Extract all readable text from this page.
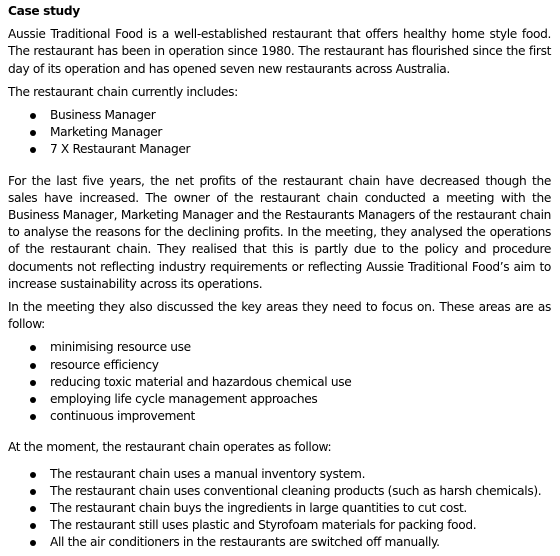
Case study

Aussie Traditional Food is a well-established restaurant that offers healthy home style food. The restaurant has been in operation since 1980. The restaurant has flourished since the first day of its operation and has opened seven new restaurants across Australia.

The restaurant chain currently includes:

Business Manager
Marketing Manager
7 X Restaurant Manager

For the last five years, the net profits of the restaurant chain have decreased though the sales have increased. The owner of the restaurant chain conducted a meeting with the Business Manager, Marketing Manager and the Restaurants Managers of the restaurant chain to analyse the reasons for the declining profits. In the meeting, they analysed the operations of the restaurant chain. They realised that this is partly due to the policy and procedure documents not reflecting industry requirements or reflecting Aussie Traditional Food’s aim to increase sustainability across its operations.

In the meeting they also discussed the key areas they need to focus on. These areas are as follow:

minimising resource use
resource efficiency
reducing toxic material and hazardous chemical use
employing life cycle management approaches
continuous improvement

At the moment, the restaurant chain operates as follow:

The restaurant chain uses a manual inventory system.
The restaurant chain uses conventional cleaning products (such as harsh chemicals).
The restaurant chain buys the ingredients in large quantities to cut cost.
The restaurant still uses plastic and Styrofoam materials for packing food.
All the air conditioners in the restaurants are switched off manually.
